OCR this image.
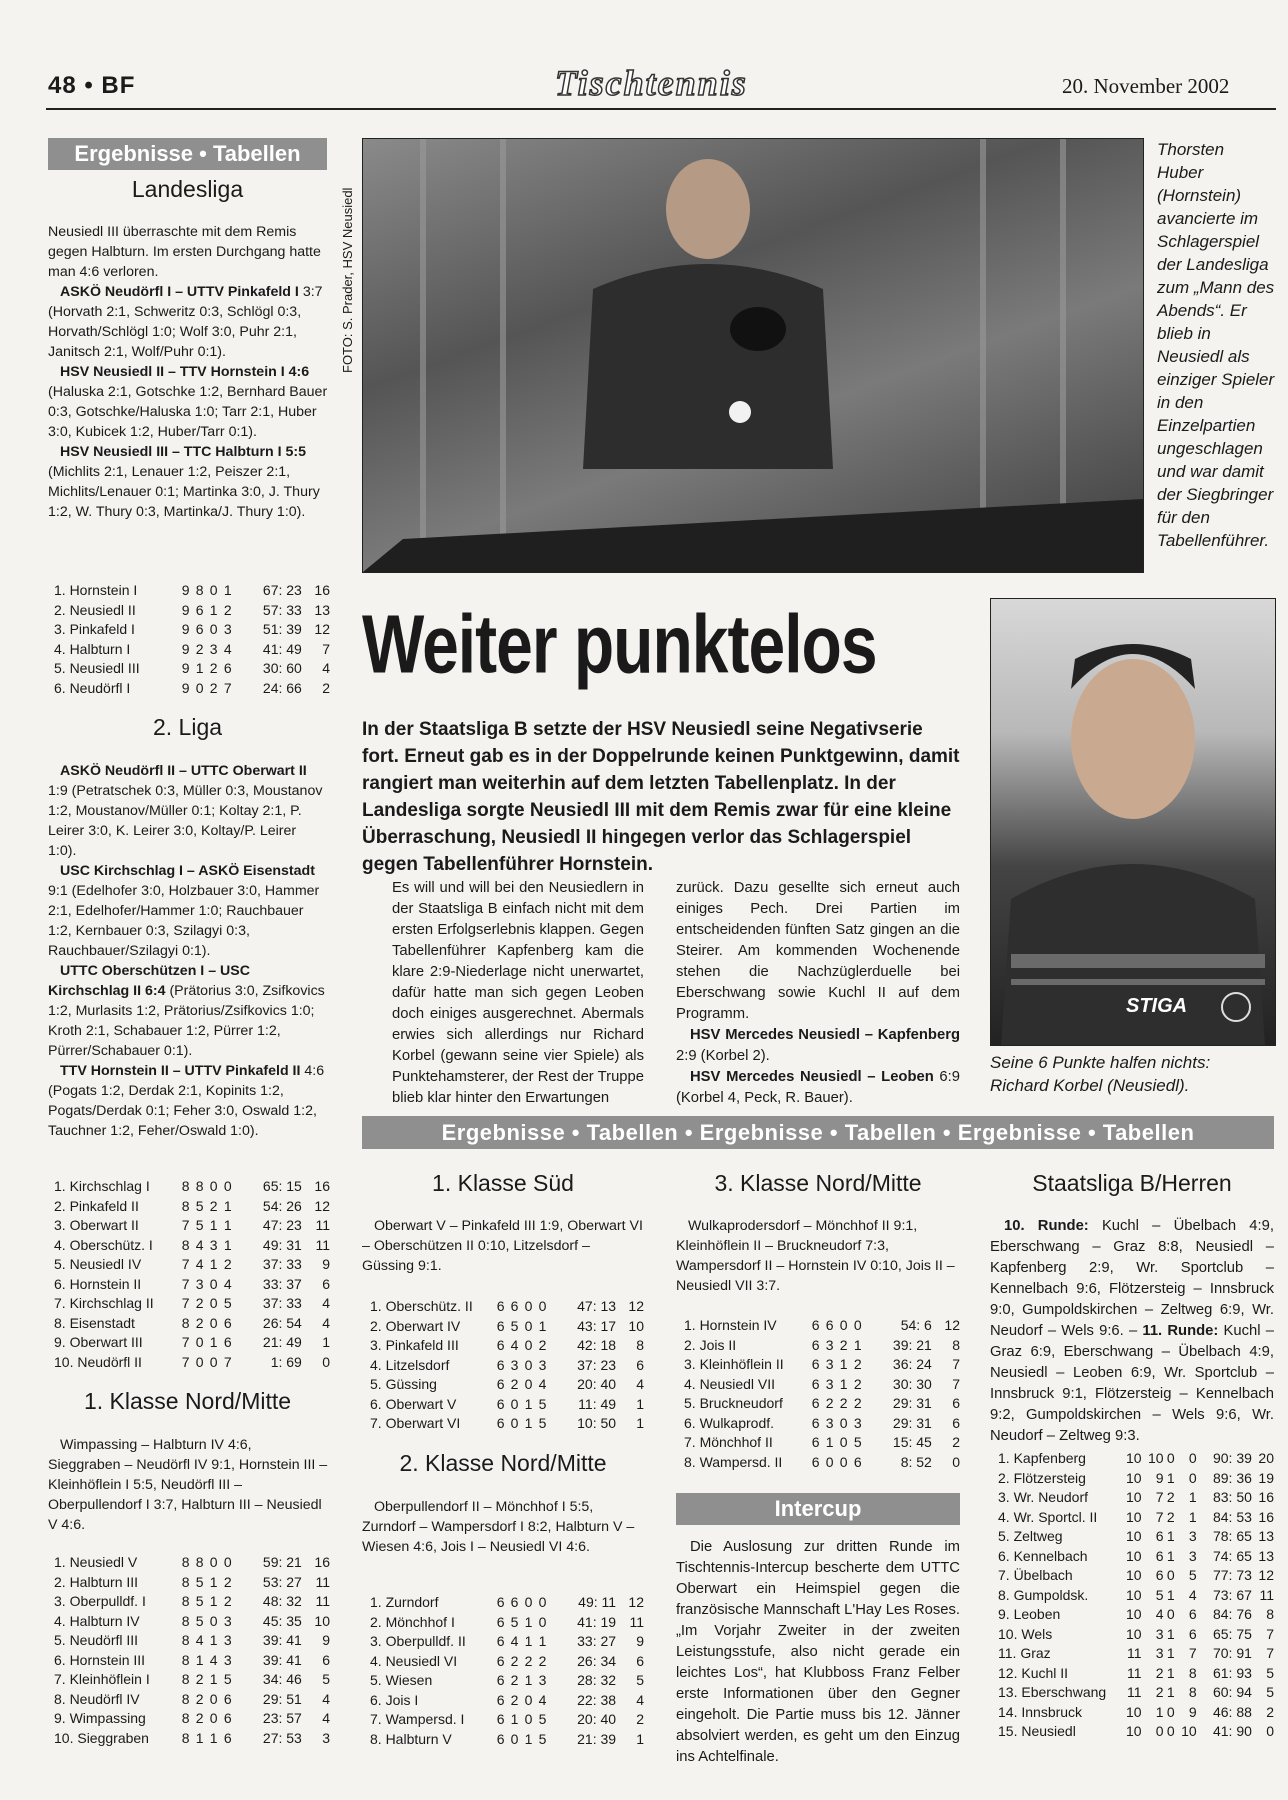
48 • BF	Tischtennis	20. November 2002
Ergebnisse • Tabellen
Landesliga
Neusiedl III überraschte mit dem Remis gegen Halbturn. Im ersten Durchgang hatte man 4:6 verloren.
ASKÖ Neudörfl I – UTTV Pinkafeld I 3:7 (Horvath 2:1, Schweritz 0:3, Schlögl 0:3, Horvath/Schlögl 1:0; Wolf 3:0, Puhr 2:1, Janitsch 2:1, Wolf/Puhr 0:1).
HSV Neusiedl II – TTV Hornstein I 4:6 (Haluska 2:1, Gotschke 1:2, Bernhard Bauer 0:3, Gotschke/Haluska 1:0; Tarr 2:1, Huber 3:0, Kubicek 1:2, Huber/Tarr 0:1).
HSV Neusiedl III – TTC Halbturn I 5:5 (Michlits 2:1, Lenauer 1:2, Peiszer 2:1, Michlits/Lenauer 0:1; Martinka 3:0, J. Thury 1:2, W. Thury 0:3, Martinka/J. Thury 1:0).
1. Hornstein I	9	8	0	1	67: 23	16
2. Neusiedl II	9	6	1	2	57: 33	13
3. Pinkafeld I	9	6	0	3	51: 39	12
4. Halbturn I	9	2	3	4	41: 49	7
5. Neusiedl III	9	1	2	6	30: 60	4
6. Neudörfl I	9	0	2	7	24: 66	2
2. Liga
ASKÖ Neudörfl II – UTTC Oberwart II 1:9 (Petratschek 0:3, Müller 0:3, Moustanov 1:2, Moustanov/Müller 0:1; Koltay 2:1, P. Leirer 3:0, K. Leirer 3:0, Koltay/P. Leirer 1:0).
USC Kirchschlag I – ASKÖ Eisenstadt 9:1 (Edelhofer 3:0, Holzbauer 3:0, Hammer 2:1, Edelhofer/Hammer 1:0; Rauchbauer 1:2, Kernbauer 0:3, Szilagyi 0:3, Rauchbauer/Szilagyi 0:1).
UTTC Oberschützen I – USC Kirchschlag II 6:4 (Prätorius 3:0, Zsifkovics 1:2, Murlasits 1:2, Prätorius/Zsifkovics 1:0; Kroth 2:1, Schabauer 1:2, Pürrer 1:2, Pürrer/Schabauer 0:1).
TTV Hornstein II – UTTV Pinkafeld II 4:6 (Pogats 1:2, Derdak 2:1, Kopinits 1:2, Pogats/Derdak 0:1; Feher 3:0, Oswald 1:2, Tauchner 1:2, Feher/Oswald 1:0).
1. Kirchschlag I	8	8	0	0	65: 15	16
2. Pinkafeld II	8	5	2	1	54: 26	12
3. Oberwart II	7	5	1	1	47: 23	11
4. Oberschütz. I	8	4	3	1	49: 31	11
5. Neusiedl IV	7	4	1	2	37: 33	9
6. Hornstein II	7	3	0	4	33: 37	6
7. Kirchschlag II	7	2	0	5	37: 33	4
8. Eisenstadt	8	2	0	6	26: 54	4
9. Oberwart III	7	0	1	6	21: 49	1
10. Neudörfl II	7	0	0	7	1: 69	0
1. Klasse Nord/Mitte
Wimpassing – Halbturn IV 4:6, Sieggraben – Neudörfl IV 9:1, Hornstein III – Kleinhöflein I 5:5, Neudörfl III – Oberpullendorf I 3:7, Halbturn III – Neusiedl V 4:6.
1. Neusiedl V	8	8	0	0	59: 21	16
2. Halbturn III	8	5	1	2	53: 27	11
3. Oberpulldf. I	8	5	1	2	48: 32	11
4. Halbturn IV	8	5	0	3	45: 35	10
5. Neudörfl III	8	4	1	3	39: 41	9
6. Hornstein III	8	1	4	3	39: 41	6
7. Kleinhöflein I	8	2	1	5	34: 46	5
8. Neudörfl IV	8	2	0	6	29: 51	4
9. Wimpassing	8	2	0	6	23: 57	4
10. Sieggraben	8	1	1	6	27: 53	3
FOTO: S. Prader, HSV Neusiedl
Thorsten Huber (Hornstein) avancierte im Schlagerspiel der Landesliga zum „Mann des Abends“. Er blieb in Neusiedl als einziger Spieler in den Einzelpartien ungeschlagen und war damit der Siegbringer für den Tabellenführer.
Weiter punktelos
In der Staatsliga B setzte der HSV Neusiedl seine Negativserie fort. Erneut gab es in der Doppelrunde keinen Punktgewinn, damit rangiert man weiterhin auf dem letzten Tabellenplatz. In der Landesliga sorgte Neusiedl III mit dem Remis zwar für eine kleine Überraschung, Neusiedl II hingegen verlor das Schlagerspiel gegen Tabellenführer Hornstein.
Es will und will bei den Neusiedlern in der Staatsliga B einfach nicht mit dem ersten Erfolgserlebnis klappen. Gegen Tabellenführer Kapfenberg kam die klare 2:9-Niederlage nicht unerwartet, dafür hatte man sich gegen Leoben doch einiges ausgerechnet. Abermals erwies sich allerdings nur Richard Korbel (gewann seine vier Spiele) als Punktehamsterer, der Rest der Truppe blieb klar hinter den Erwartungen
zurück. Dazu gesellte sich erneut auch einiges Pech. Drei Partien im entscheidenden fünften Satz gingen an die Steirer. Am kommenden Wochenende stehen die Nachzüglerduelle bei Eberschwang sowie Kuchl II auf dem Programm.
HSV Mercedes Neusiedl – Kapfenberg 2:9 (Korbel 2).
HSV Mercedes Neusiedl – Leoben 6:9 (Korbel 4, Peck, R. Bauer).
STIGA
Seine 6 Punkte halfen nichts:
Richard Korbel (Neusiedl).
Ergebnisse • Tabellen • Ergebnisse • Tabellen • Ergebnisse • Tabellen
1. Klasse Süd
Oberwart V – Pinkafeld III 1:9, Oberwart VI – Oberschützen II 0:10, Litzelsdorf – Güssing 9:1.
1. Oberschütz. II	6	6	0	0	47: 13	12
2. Oberwart IV	6	5	0	1	43: 17	10
3. Pinkafeld III	6	4	0	2	42: 18	8
4. Litzelsdorf	6	3	0	3	37: 23	6
5. Güssing	6	2	0	4	20: 40	4
6. Oberwart V	6	0	1	5	11: 49	1
7. Oberwart VI	6	0	1	5	10: 50	1
2. Klasse Nord/Mitte
Oberpullendorf II – Mönchhof I 5:5, Zurndorf – Wampersdorf I 8:2, Halbturn V – Wiesen 4:6, Jois I – Neusiedl VI 4:6.
1. Zurndorf	6	6	0	0	49: 11	12
2. Mönchhof I	6	5	1	0	41: 19	11
3. Oberpulldf. II	6	4	1	1	33: 27	9
4. Neusiedl VI	6	2	2	2	26: 34	6
5. Wiesen	6	2	1	3	28: 32	5
6. Jois I	6	2	0	4	22: 38	4
7. Wampersd. I	6	1	0	5	20: 40	2
8. Halbturn V	6	0	1	5	21: 39	1
3. Klasse Nord/Mitte
Wulkaprodersdorf – Mönchhof II 9:1, Kleinhöflein II – Bruckneudorf 7:3, Wampersdorf II – Hornstein IV 0:10, Jois II – Neusiedl VII 3:7.
1. Hornstein IV	6	6	0	0	54: 6	12
2. Jois II	6	3	2	1	39: 21	8
3. Kleinhöflein II	6	3	1	2	36: 24	7
4. Neusiedl VII	6	3	1	2	30: 30	7
5. Bruckneudorf	6	2	2	2	29: 31	6
6. Wulkaprodf.	6	3	0	3	29: 31	6
7. Mönchhof II	6	1	0	5	15: 45	2
8. Wampersd. II	6	0	0	6	8: 52	0
Intercup
Die Auslosung zur dritten Runde im Tischtennis-Intercup bescherte dem UTTC Oberwart ein Heimspiel gegen die französische Mannschaft L'Hay Les Roses. „Im Vorjahr Zweiter in der zweiten Leistungsstufe, also nicht gerade ein leichtes Los“, hat Klubboss Franz Felber erste Informationen über den Gegner eingeholt. Die Partie muss bis 12. Jänner absolviert werden, es geht um den Einzug ins Achtelfinale.
Staatsliga B/Herren
10. Runde: Kuchl – Übelbach 4:9, Eberschwang – Graz 8:8, Neusiedl – Kapfenberg 2:9, Wr. Sportclub – Kennelbach 9:6, Flötzersteig – Innsbruck 9:0, Gumpoldskirchen – Zeltweg 6:9, Wr. Neudorf – Wels 9:6. – 11. Runde: Kuchl – Graz 6:9, Eberschwang – Übelbach 4:9, Neusiedl – Leoben 6:9, Wr. Sportclub – Innsbruck 9:1, Flötzersteig – Kennelbach 9:2, Gumpoldskirchen – Wels 9:6, Wr. Neudorf – Zeltweg 9:3.
1. Kapfenberg	10	10	0	0	90: 39	20
2. Flötzersteig	10	9	1	0	89: 36	19
3. Wr. Neudorf	10	7	2	1	83: 50	16
4. Wr. Sportcl. II	10	7	2	1	84: 53	16
5. Zeltweg	10	6	1	3	78: 65	13
6. Kennelbach	10	6	1	3	74: 65	13
7. Übelbach	10	6	0	5	77: 73	12
8. Gumpoldsk.	10	5	1	4	73: 67	11
9. Leoben	10	4	0	6	84: 76	8
10. Wels	10	3	1	6	65: 75	7
11. Graz	11	3	1	7	70: 91	7
12. Kuchl II	11	2	1	8	61: 93	5
13. Eberschwang	11	2	1	8	60: 94	5
14. Innsbruck	10	1	0	9	46: 88	2
15. Neusiedl	10	0	0	10	41: 90	0
